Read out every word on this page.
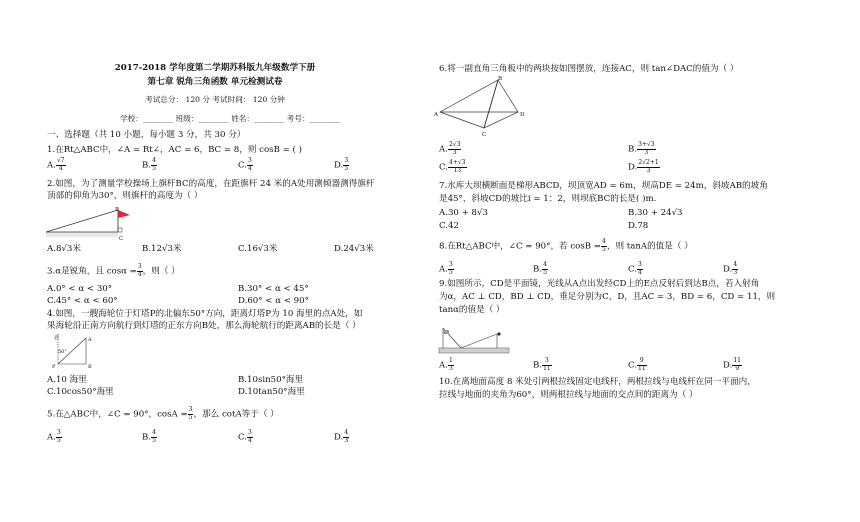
2017-2018 学年度第二学期苏科版九年级数学下册
第七章 锐角三角函数 单元检测试卷
考试总分： 120 分 考试时间： 120 分钟
学校：________ 班级：________ 姓名：________ 考号：________
一、选择题（共 10 小题，每小题 3 分，共 30 分）
1.在Rt△ABC中，∠A = Rt∠，AC = 6，BC = 8，则 cosB = ( )
A. $\frac{√7}{4}$	B. $\frac{4}{5}$	C. $\frac{3}{4}$	D. $\frac{3}{5}$
2.如图，为了测量学校操场上旗杆BC的高度，在距旗杆 24 米的A处用测倾器测得旗杆
顶部的仰角为30°，则旗杆的高度为（ ）
B
C
A.8√3米	B.12√3米	C.16√3米	D.24√3米
3.α是锐角，且 $\cos\alpha = \frac{3}{4}$ ，则（ ）
A.0° < α < 30°	B.30° < α < 45°
C.45° < α < 60°	D.60° < α < 90°
4.如图，一艘海轮位于灯塔P的北偏东50°方向，距离灯塔P为 10 海里的点A处，如
果海轮沿正南方向航行到灯塔的正东方向B处，那么海轮航行的距离AB的长是（ ）
北
50°
P	B
A
A.10 海里	B.10sin50°海里
C.10cos50°海里	D.10tan50°海里
5.在△ABC中，∠C = 90°，$\cos A = \frac{3}{5}$ ，那么 cotA等于（ ）
A. $\frac{3}{5}$	B. $\frac{4}{5}$	C. $\frac{3}{4}$	D. $\frac{4}{3}$
6.将一副直角三角板中的两块按如图摆放，连接AC，则 tan∠DAC的值为（ ）
B
A	D
C
A. $\frac{2√3}{3}$	B. $\frac{3+√3}{3}$
C. $\frac{4+√3}{13}$	D. $\frac{2√2+1}{3}$
7.水库大坝横断面是梯形ABCD，坝顶宽AD = 6m，坝高DE = 24m，斜坡AB的坡角
是45°，斜坡CD的坡比i = 1：2，则坝底BC的长是( )m.
A.30 + 8√3	B.30 + 24√3
C.42	D.78
8.在Rt△ABC中，∠C = 90°，若 $\cos B = \frac{4}{5}$ ，则 tanA的值是（ ）
A. $\frac{3}{5}$	B. $\frac{4}{5}$	C. $\frac{3}{4}$	D. $\frac{4}{3}$
9.如图所示，CD是平面镜，光线从A点出发经CD上的E点反射后到达B点，若入射角
为α，AC ⊥ CD，BD ⊥ CD，垂足分别为C，D，且AC = 3，BD = 6，CD = 11，则
tanα的值是（ ）
A. $\frac{1}{3}$	B. $\frac{3}{11}$	C. $\frac{9}{11}$	D. $\frac{11}{9}$
10.在离地面高度 8 米处引两根拉线固定电线杆，两根拉线与电线杆在同一平面内，
拉线与地面的夹角为60°，则两根拉线与地面的交点间的距离为（ ）
